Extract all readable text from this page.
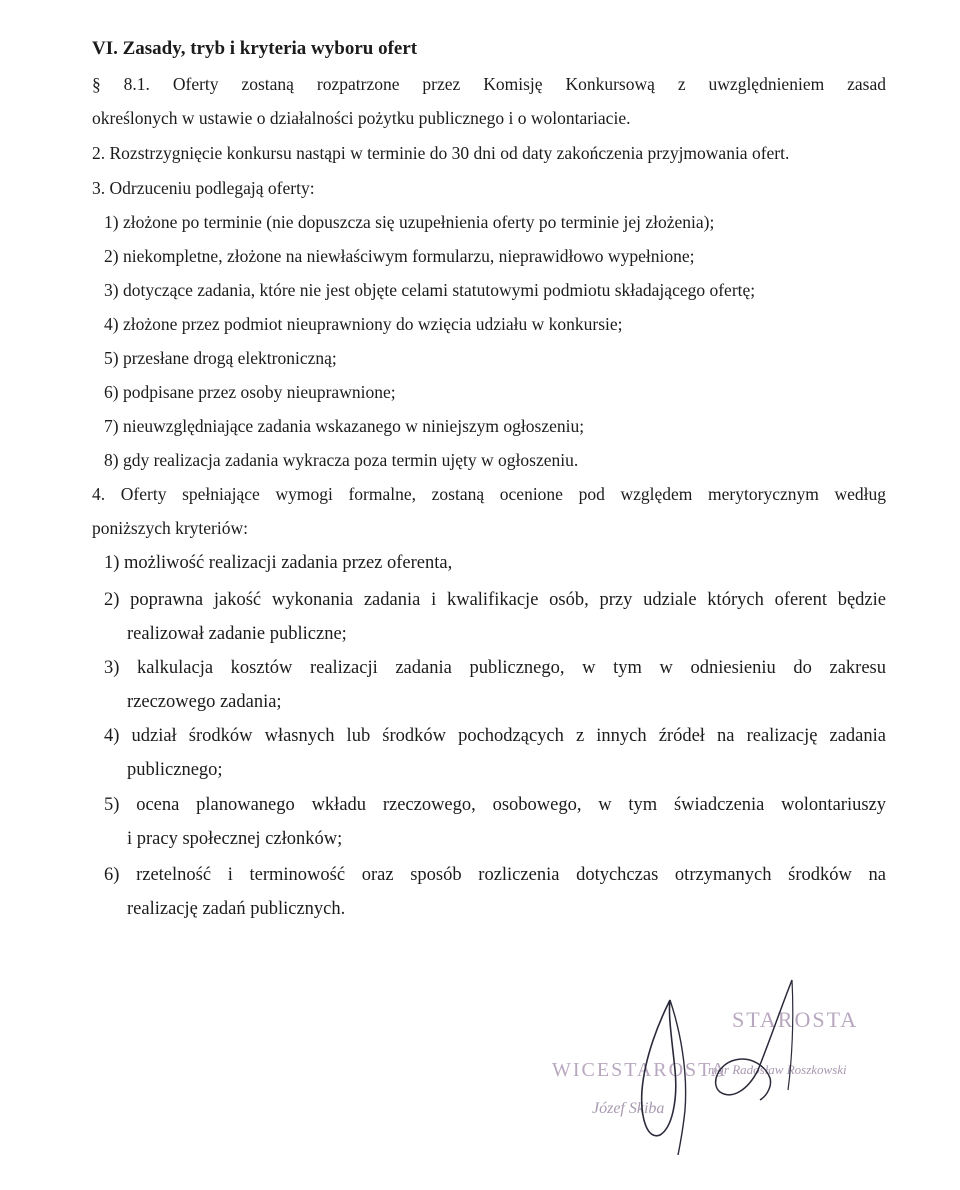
VI. Zasady, tryb i kryteria wyboru ofert
§ 8.1. Oferty zostaną rozpatrzone przez Komisję Konkursową z uwzględnieniem zasad
określonych w ustawie o działalności pożytku publicznego i o wolontariacie.
2. Rozstrzygnięcie konkursu nastąpi w terminie do 30 dni od daty zakończenia przyjmowania ofert.
3. Odrzuceniu podlegają oferty:
1) złożone po terminie (nie dopuszcza się uzupełnienia oferty po terminie jej złożenia);
2) niekompletne, złożone na niewłaściwym formularzu, nieprawidłowo wypełnione;
3) dotyczące zadania, które nie jest objęte celami statutowymi podmiotu składającego ofertę;
4) złożone przez podmiot nieuprawniony do wzięcia udziału w konkursie;
5) przesłane drogą elektroniczną;
6) podpisane przez osoby nieuprawnione;
7) nieuwzględniające zadania wskazanego w niniejszym ogłoszeniu;
8) gdy realizacja zadania wykracza poza termin ujęty w ogłoszeniu.
4. Oferty spełniające wymogi formalne, zostaną ocenione pod względem merytorycznym według
poniższych kryteriów:
1) możliwość realizacji zadania przez oferenta,
2) poprawna jakość wykonania zadania i kwalifikacje osób, przy udziale których oferent będzie
realizował zadanie publiczne;
3) kalkulacja kosztów realizacji zadania publicznego, w tym w odniesieniu do zakresu
rzeczowego zadania;
4) udział środków własnych lub środków pochodzących z innych źródeł na realizację zadania
publicznego;
5) ocena planowanego wkładu rzeczowego, osobowego, w tym świadczenia wolontariuszy
i pracy społecznej członków;
6) rzetelność i terminowość oraz sposób rozliczenia dotychczas otrzymanych środków na
realizację zadań publicznych.
STAROSTA
mgr Radosław Roszkowski
WICESTAROSTA
Józef Skiba
